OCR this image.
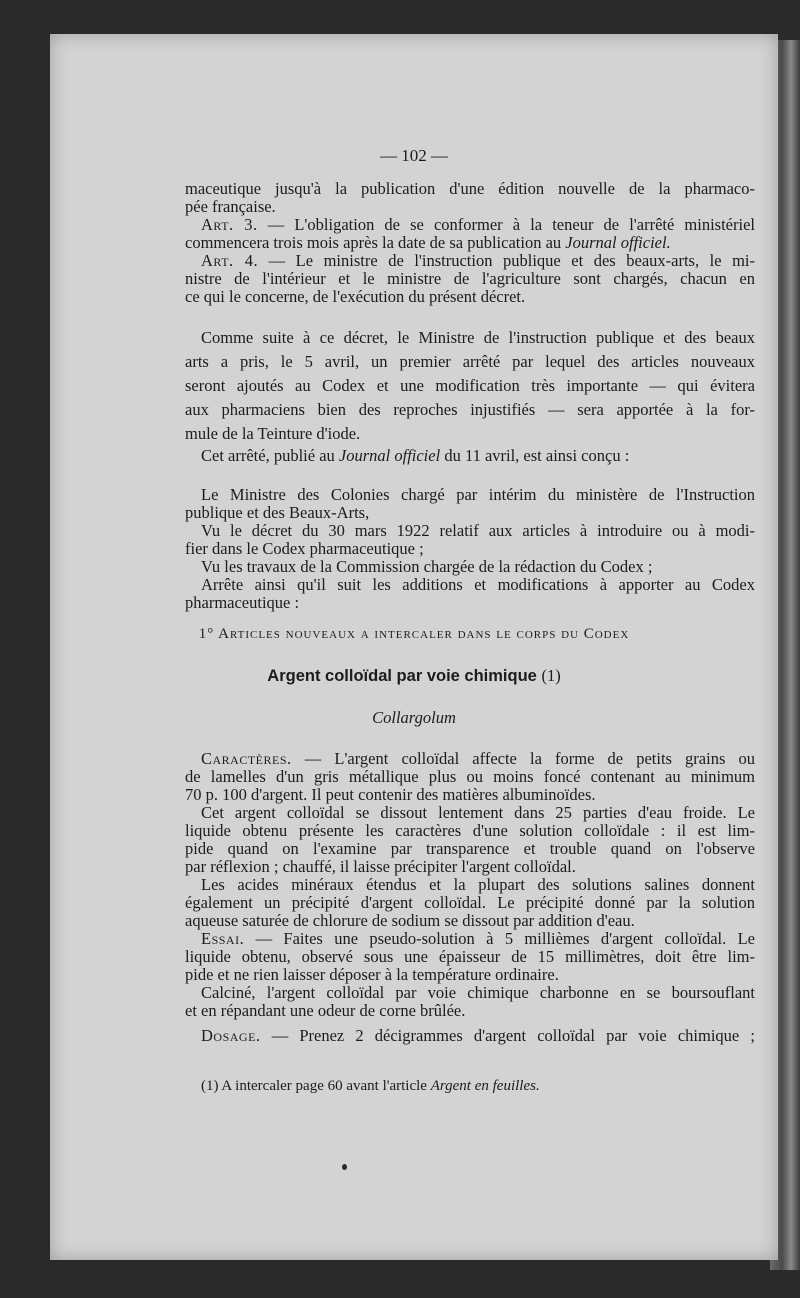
— 102 —
maceutique jusqu'à la publication d'une édition nouvelle de la pharmaco-
pée française.
Art. 3. — L'obligation de se conformer à la teneur de l'arrêté ministériel
commencera trois mois après la date de sa publication au Journal officiel.
Art. 4. — Le ministre de l'instruction publique et des beaux-arts, le mi-
nistre de l'intérieur et le ministre de l'agriculture sont chargés, chacun en
ce qui le concerne, de l'exécution du présent décret.
Comme suite à ce décret, le Ministre de l'instruction publique et des beaux
arts a pris, le 5 avril, un premier arrêté par lequel des articles nouveaux
seront ajoutés au Codex et une modification très importante — qui évitera
aux pharmaciens bien des reproches injustifiés — sera apportée à la for-
mule de la Teinture d'iode.
Cet arrêté, publié au Journal officiel du 11 avril, est ainsi conçu :
Le Ministre des Colonies chargé par intérim du ministère de l'Instruction
publique et des Beaux-Arts,
Vu le décret du 30 mars 1922 relatif aux articles à introduire ou à modi-
fier dans le Codex pharmaceutique ;
Vu les travaux de la Commission chargée de la rédaction du Codex ;
Arrête ainsi qu'il suit les additions et modifications à apporter au Codex
pharmaceutique :
1° Articles nouveaux a intercaler dans le corps du Codex
Argent colloïdal par voie chimique (1)
Collargolum
Caractères. — L'argent colloïdal affecte la forme de petits grains ou
de lamelles d'un gris métallique plus ou moins foncé contenant au minimum
70 p. 100 d'argent. Il peut contenir des matières albuminoïdes.
Cet argent colloïdal se dissout lentement dans 25 parties d'eau froide. Le
liquide obtenu présente les caractères d'une solution colloïdale : il est lim-
pide quand on l'examine par transparence et trouble quand on l'observe
par réflexion ; chauffé, il laisse précipiter l'argent colloïdal.
Les acides minéraux étendus et la plupart des solutions salines donnent
également un précipité d'argent colloïdal. Le précipité donné par la solution
aqueuse saturée de chlorure de sodium se dissout par addition d'eau.
Essai. — Faites une pseudo-solution à 5 millièmes d'argent colloïdal. Le
liquide obtenu, observé sous une épaisseur de 15 millimètres, doit être lim-
pide et ne rien laisser déposer à la température ordinaire.
Calciné, l'argent colloïdal par voie chimique charbonne en se boursouflant
et en répandant une odeur de corne brûlée.
Dosage. — Prenez 2 décigrammes d'argent colloïdal par voie chimique ;
(1) A intercaler page 60 avant l'article Argent en feuilles.
